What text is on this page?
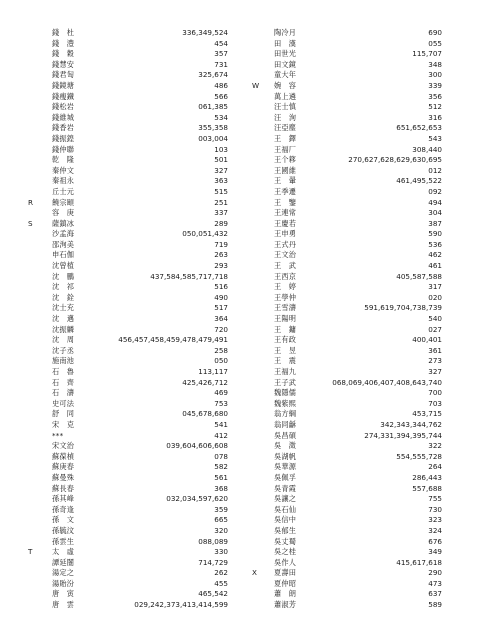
錢　杜	336,349,524
錢　澧	454
錢　穀	357
錢慧安	731
錢君匋	325,674
錢鏡塘	486
錢瘦鐵	566
錢松岩	061,385
錢維城	534
錢香岩	355,358
錢振鍠	003,004
錢仲聯	103
乾　隆	501
秦仲文	327
秦祖永	363
丘士元	515
R	饒宗頤	251
容　庚	337
S	薩鎮冰	289
沙孟海	050,051,432
邵洵美	719
申石伽	263
沈曾植	293
沈　鵬	437,584,585,717,718
沈　祁	516
沈　銓	490
沈士充	517
沈　邁	364
沈振麟	720
沈　周	456,457,458,459,478,479,491
沈子丞	258
施南池	050
石　魯	113,117
石　齊	425,426,712
石　濤	469
史可法	753
舒　同	045,678,680
宋　克	541
***	412
宋文治	039,604,606,608
蘇葆楨	078
蘇庚春	582
蘇曼殊	561
蘇長春	368
孫其峰	032,034,597,620
孫奇逢	359
孫　文	665
孫毓汶	320
孫雲生	088,089
T	太　虛	330
譚延闓	714,729
湯定之	262
湯貽汾	455
唐　寅	465,542
唐　雲	029,242,373,413,414,599
陶冷月	690
田　漢	055
田世光	115,707
田文鏡	348
童大年	300
W 婉　容	339
萬上遴	356
汪士慎	512
汪　洵	316
汪亞塵	651,652,653
王　鐸	543
王福厂	308,440
王个簃	270,627,628,629,630,695
王國維	012
王　翬	461,495,522
王季遷	092
王　鑒	494
王連常	304
王慶若	387
王申勇	590
王式丹	536
王文治	462
王　武	461
王西京	405,587,588
王　婷	317
王學仲	020
王雪濤	591,619,704,738,739
王陽明	540
王　鏞	027
王有政	400,401
王　昱	361
王　震	273
王福九	327
王子武	068,069,406,407,408,643,740
魏隱儒	700
魏紫熙	703
翁方綱	453,715
翁同龢	342,343,344,762
吳昌碩	274,331,394,395,744
吳　澂	322
吳湖帆	554,555,728
吳華源	264
吳佩孚	286,443
吳青霞	557,688
吳讓之	755
吳石仙	730
吳信中	323
吳郁生	324
吳丈蜀	676
吳之桂	349
吳作人	415,617,618
X 夏壽田	290
夏仲昭	473
蕭　朗	637
蕭淑芳	589
